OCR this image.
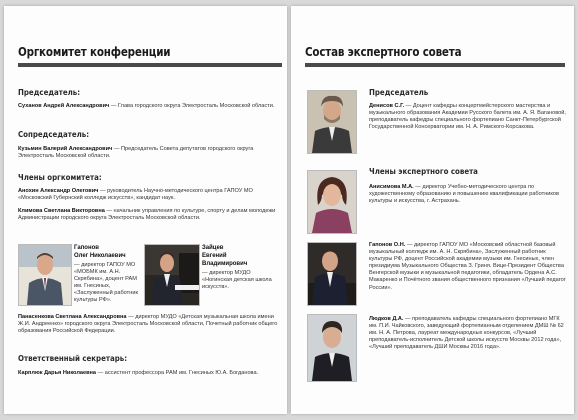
Оргкомитет конференции
Председатель:
Суханов Андрей Александрович — Глава городского округа Электросталь Московской области.
Сопредседатель:
Кузьмин Валерий Александрович — Председатель Совета депутатов городского округа Электросталь Московской области.
Члены оргкомитета:
Анохин Александр Олегович — руководитель Научно-методического центра ГАПОУ МО «Московский Губернский колледж искусств», кандидат наук.
Климова Светлана Викторовна — начальник управления по культуре, спорту и делам молодежи Администрации городского округа Электросталь Московской области.
Гапонов
Олег Николаевич
— директор ГАПОУ МО «МОБМК им. А.Н. Скрябина», доцент РАМ им. Гнесиных, «Заслуженный работник культуры РФ».
Зайцев
Евгений
Владимирович
— директор МУДО «Ногинская детская школа искусств».
Панасенкова Светлана Александровна — директор МУДО «Детская музыкальная школа имени Ж.И. Андреенко» городского округа Электросталь Московской области, Почетный работник общего образования Российской Федерации.
Ответственный секретарь:
Карплюк Дарья Николаевна — ассистент профессора РАМ им. Гнесиных Ю.А. Богданова.
Состав экспертного совета
Председатель
Денисов С.Г. — Доцент кафедры концертмейстерского мастерства и музыкального образования Академии Русского балета им. А. Я. Вагановой, преподаватель кафедры специального фортепиано Санкт-Петербургской Государственной Консерватории им. Н. А. Римского-Корсакова.
Члены экспертного совета
Анисимова М.А. — директор Учебно-методического центра по художественному образованию и повышению квалификации работников культуры и искусства, г. Астрахань.
Гапонов О.Н. — директор ГАПОУ МО «Московский областной базовый музыкальный колледж им. А. Н. Скрябина», Заслуженный работник культуры РФ, доцент Российской академии музыки им. Гнесиных, член президиума Музыкального Общества З. Гриня. Вице-Президент Общества Венгерской музыки и музыкальной педагогики, обладатель Ордена А.С. Макаренко и Почётного звания общественного признания «Лучший педагог России».
Людков Д.А. — преподаватель кафедры специального фортепиано МГК им. П.И. Чайковского, заведующий фортепианным отделением ДМШ № 62 им. Н. А. Петрова, лауреат международных конкурсов, «Лучший преподаватель-исполнитель Детской школы искусств Москвы 2012 года», «Лучший преподаватель ДШИ Москвы 2016 года».
